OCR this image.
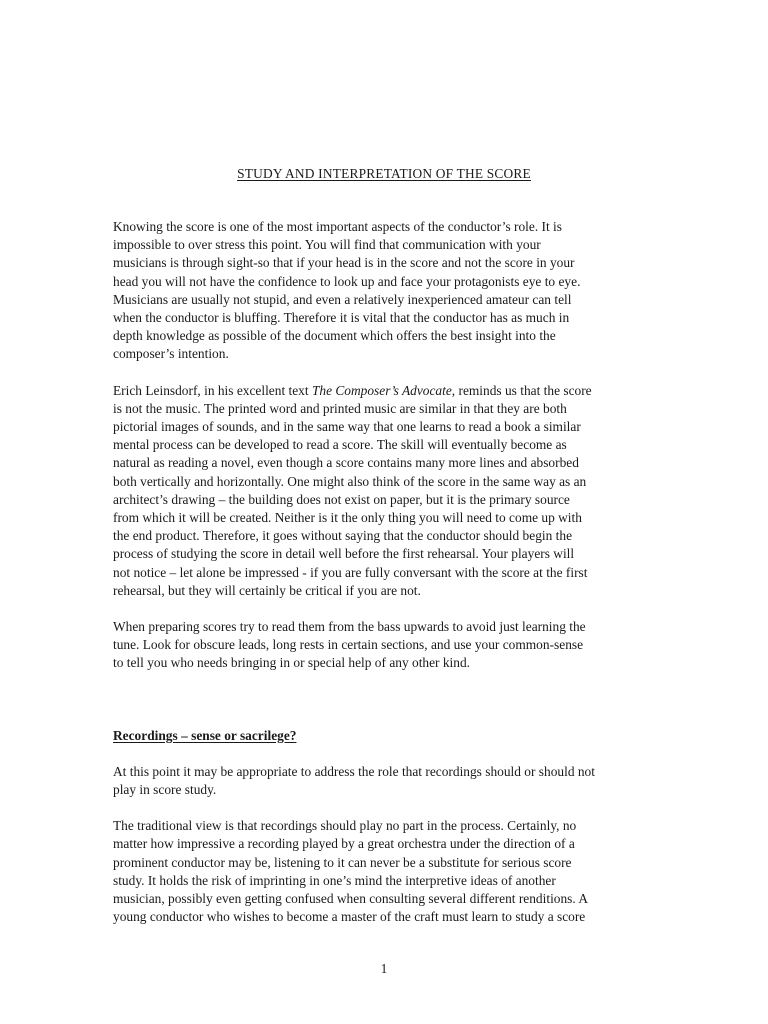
STUDY AND INTERPRETATION OF THE SCORE

Knowing the score is one of the most important aspects of the conductor’s role. It is
impossible to over stress this point. You will find that communication with your
musicians is through sight-so that if your head is in the score and not the score in your
head you will not have the confidence to look up and face your protagonists eye to eye.
Musicians are usually not stupid, and even a relatively inexperienced amateur can tell
when the conductor is bluffing. Therefore it is vital that the conductor has as much in
depth knowledge as possible of the document which offers the best insight into the
composer’s intention.

Erich Leinsdorf, in his excellent text The Composer’s Advocate, reminds us that the score
is not the music. The printed word and printed music are similar in that they are both
pictorial images of sounds, and in the same way that one learns to read a book a similar
mental process can be developed to read a score. The skill will eventually become as
natural as reading a novel, even though a score contains many more lines and absorbed
both vertically and horizontally. One might also think of the score in the same way as an
architect’s drawing – the building does not exist on paper, but it is the primary source
from which it will be created. Neither is it the only thing you will need to come up with
the end product. Therefore, it goes without saying that the conductor should begin the
process of studying the score in detail well before the first rehearsal. Your players will
not notice – let alone be impressed - if you are fully conversant with the score at the first
rehearsal, but they will certainly be critical if you are not.

When preparing scores try to read them from the bass upwards to avoid just learning the
tune. Look for obscure leads, long rests in certain sections, and use your common-sense
to tell you who needs bringing in or special help of any other kind.

Recordings – sense or sacrilege?

At this point it may be appropriate to address the role that recordings should or should not
play in score study.

The traditional view is that recordings should play no part in the process. Certainly, no
matter how impressive a recording played by a great orchestra under the direction of a
prominent conductor may be, listening to it can never be a substitute for serious score
study. It holds the risk of imprinting in one’s mind the interpretive ideas of another
musician, possibly even getting confused when consulting several different renditions. A
young conductor who wishes to become a master of the craft must learn to study a score

1
